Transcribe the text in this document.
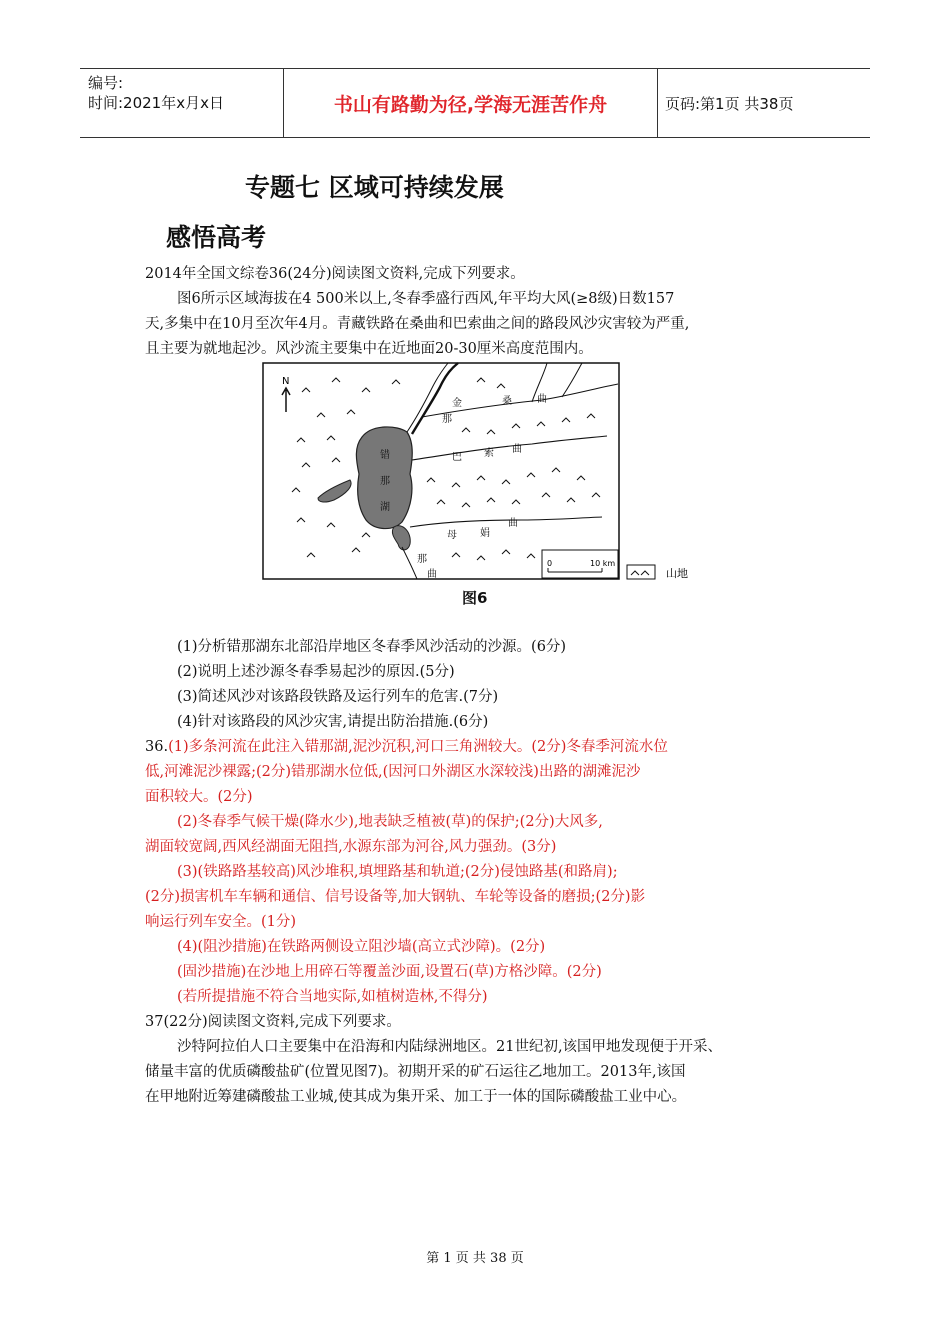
编号:
时间:2021年x月x日	书山有路勤为径,学海无涯苦作舟	页码:第1页 共38页
专题七 区域可持续发展
感悟高考
2014年全国文综卷36(24分)阅读图文资料,完成下列要求。
图6所示区域海拔在4 500米以上,冬春季盛行西风,年平均大风(≥8级)日数157
天,多集中在10月至次年4月。青藏铁路在桑曲和巴索曲之间的路段风沙灾害较为严重,
且主要为就地起沙。风沙流主要集中在近地面20-30厘米高度范围内。
N
错
那
湖
金
那
桑	曲
巴 索 曲
母 娟
曲
那
曲
0	10 km
山地
图6
(1)分析错那湖东北部沿岸地区冬春季风沙活动的沙源。(6分)
(2)说明上述沙源冬春季易起沙的原因.(5分)
(3)简述风沙对该路段铁路及运行列车的危害.(7分)
(4)针对该路段的风沙灾害,请提出防治措施.(6分)
36.(1)多条河流在此注入错那湖,泥沙沉积,河口三角洲较大。(2分)冬春季河流水位
低,河滩泥沙裸露;(2分)错那湖水位低,(因河口外湖区水深较浅)出路的湖滩泥沙
面积较大。(2分)
(2)冬春季气候干燥(降水少),地表缺乏植被(草)的保护;(2分)大风多,
湖面较宽阔,西风经湖面无阻挡,水源东部为河谷,风力强劲。(3分)
(3)(铁路路基较高)风沙堆积,填埋路基和轨道;(2分)侵蚀路基(和路肩);
(2分)损害机车车辆和通信、信号设备等,加大钢轨、车轮等设备的磨损;(2分)影
响运行列车安全。(1分)
(4)(阻沙措施)在铁路两侧设立阻沙墙(高立式沙障)。(2分)
(固沙措施)在沙地上用碎石等覆盖沙面,设置石(草)方格沙障。(2分)
(若所提措施不符合当地实际,如植树造林,不得分)
37(22分)阅读图文资料,完成下列要求。
沙特阿拉伯人口主要集中在沿海和内陆绿洲地区。21世纪初,该国甲地发现便于开采、
储量丰富的优质磷酸盐矿(位置见图7)。初期开采的矿石运往乙地加工。2013年,该国
在甲地附近筹建磷酸盐工业城,使其成为集开采、加工于一体的国际磷酸盐工业中心。
第 1 页 共 38 页
